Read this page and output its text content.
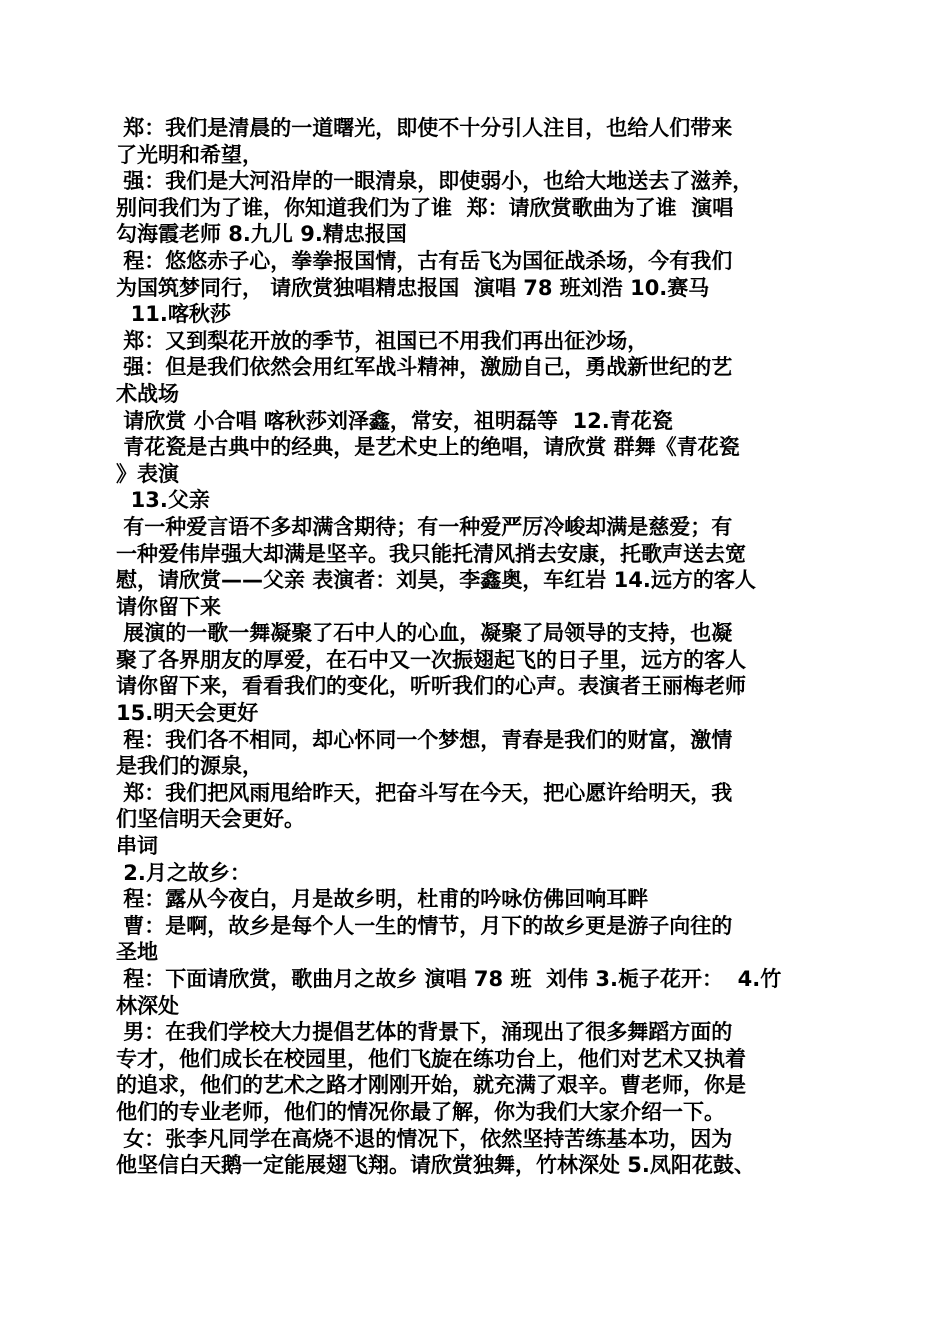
郑：我们是清晨的一道曙光，即使不十分引人注目，也给人们带来
了光明和希望，
强：我们是大河沿岸的一眼清泉，即使弱小，也给大地送去了滋养，
别问我们为了谁，你知道我们为了谁  郑：请欣赏歌曲为了谁  演唱
勾海霞老师 8.九儿 9.精忠报国
程：悠悠赤子心，拳拳报国情，古有岳飞为国征战杀场，今有我们
为国筑梦同行， 请欣赏独唱精忠报国  演唱 78 班刘浩 10.赛马
11.喀秋莎
郑：又到梨花开放的季节，祖国已不用我们再出征沙场，
强：但是我们依然会用红军战斗精神，激励自己，勇战新世纪的艺
术战场
请欣赏 小合唱 喀秋莎刘泽鑫，常安，祖明磊等  12.青花瓷
青花瓷是古典中的经典，是艺术史上的绝唱，请欣赏 群舞《青花瓷
》表演
13.父亲
有一种爱言语不多却满含期待；有一种爱严厉冷峻却满是慈爱；有
一种爱伟岸强大却满是坚辛。我只能托清风捎去安康，托歌声送去宽
慰，请欣赏——父亲 表演者：刘昊，李鑫奥，车红岩 14.远方的客人
请你留下来
展演的一歌一舞凝聚了石中人的心血，凝聚了局领导的支持，也凝
聚了各界朋友的厚爱，在石中又一次振翅起飞的日子里，远方的客人
请你留下来，看看我们的变化，听听我们的心声。表演者王丽梅老师
15.明天会更好
程：我们各不相同，却心怀同一个梦想，青春是我们的财富，激情
是我们的源泉，
郑：我们把风雨甩给昨天，把奋斗写在今天，把心愿许给明天，我
们坚信明天会更好。
串词
2.月之故乡：
程：露从今夜白，月是故乡明，杜甫的吟咏仿佛回响耳畔
曹：是啊，故乡是每个人一生的情节，月下的故乡更是游子向往的
圣地
程：下面请欣赏，歌曲月之故乡 演唱 78 班  刘伟 3.栀子花开：  4.竹
林深处
男：在我们学校大力提倡艺体的背景下，涌现出了很多舞蹈方面的
专才，他们成长在校园里，他们飞旋在练功台上，他们对艺术又执着
的追求，他们的艺术之路才刚刚开始，就充满了艰辛。曹老师，你是
他们的专业老师，他们的情况你最了解，你为我们大家介绍一下。
女：张李凡同学在高烧不退的情况下，依然坚持苦练基本功，因为
他坚信白天鹅一定能展翅飞翔。请欣赏独舞，竹林深处 5.凤阳花鼓、
